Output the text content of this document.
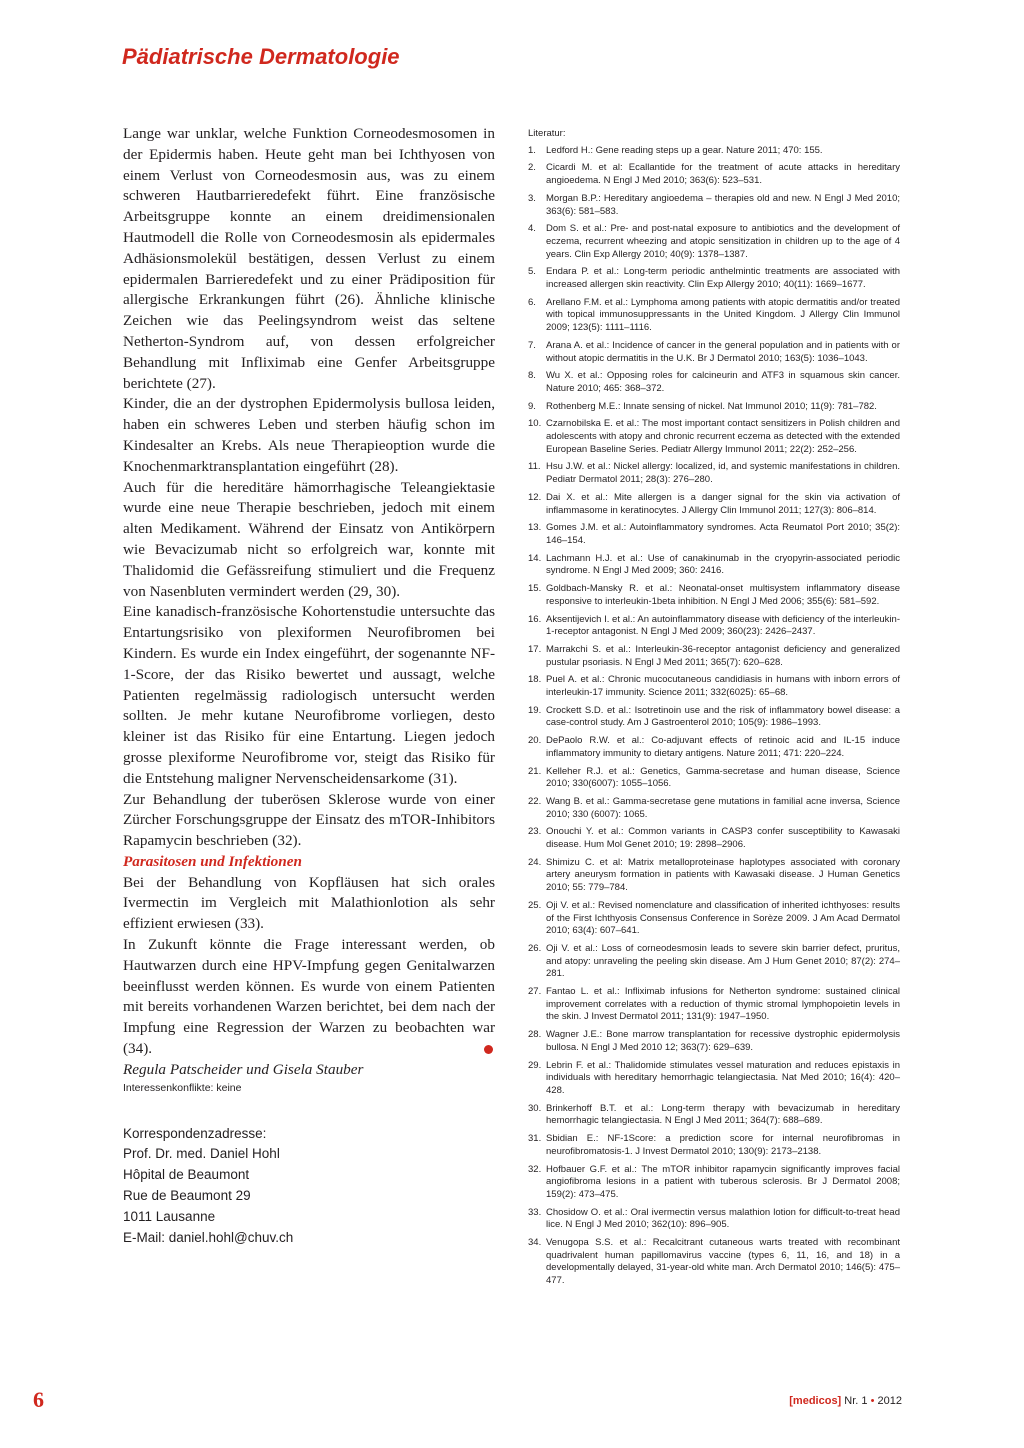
Pädiatrische Dermatologie

Lange war unklar, welche Funktion Corneodesmosomen in der Epidermis haben. Heute geht man bei Ichthyosen von einem Verlust von Corneodesmosin aus, was zu einem schweren Hautbarrieredefekt führt. Eine französische Arbeitsgruppe konnte an einem dreidimensionalen Hautmodell die Rolle von Corneodesmosin als epidermales Adhäsionsmolekül bestätigen, dessen Verlust zu einem epidermalen Barrieredefekt und zu einer Prädiposition für allergische Erkrankungen führt (26). Ähnliche klinische Zeichen wie das Peelingsyndrom weist das seltene Netherton-Syndrom auf, von dessen erfolgreicher Behandlung mit Infliximab eine Genfer Arbeitsgruppe berichtete (27).

Kinder, die an der dystrophen Epidermolysis bullosa leiden, haben ein schweres Leben und sterben häufig schon im Kindesalter an Krebs. Als neue Therapieoption wurde die Knochenmarktransplantation eingeführt (28).

Auch für die hereditäre hämorrhagische Teleangiektasie wurde eine neue Therapie beschrieben, jedoch mit einem alten Medikament. Während der Einsatz von Antikörpern wie Bevacizumab nicht so erfolgreich war, konnte mit Thalidomid die Gefässreifung stimuliert und die Frequenz von Nasenbluten vermindert werden (29, 30).

Eine kanadisch-französische Kohortenstudie untersuchte das Entartungsrisiko von plexiformen Neurofibromen bei Kindern. Es wurde ein Index eingeführt, der sogenannte NF-1-Score, der das Risiko bewertet und aussagt, welche Patienten regelmässig radiologisch untersucht werden sollten. Je mehr kutane Neurofibrome vorliegen, desto kleiner ist das Risiko für eine Entartung. Liegen jedoch grosse plexiforme Neurofibrome vor, steigt das Risiko für die Entstehung maligner Nervenscheidensarkome (31).

Zur Behandlung der tuberösen Sklerose wurde von einer Zürcher Forschungsgruppe der Einsatz des mTOR-Inhibitors Rapamycin beschrieben (32).

Parasitosen und Infektionen

Bei der Behandlung von Kopfläusen hat sich orales Ivermectin im Vergleich mit Malathionlotion als sehr effizient erwiesen (33).

In Zukunft könnte die Frage interessant werden, ob Hautwarzen durch eine HPV-Impfung gegen Genitalwarzen beeinflusst werden können. Es wurde von einem Patienten mit bereits vorhandenen Warzen berichtet, bei dem nach der Impfung eine Regression der Warzen zu beobachten war (34).

Regula Patscheider und Gisela Stauber

Interessenkonflikte: keine

Korrespondenzadresse:
Prof. Dr. med. Daniel Hohl
Hôpital de Beaumont
Rue de Beaumont 29
1011 Lausanne
E-Mail: daniel.hohl@chuv.ch
Literatur:
1.	Ledford H.: Gene reading steps up a gear. Nature 2011; 470: 155.
2.	Cicardi M. et al: Ecallantide for the treatment of acute attacks in hereditary angioedema. N Engl J Med 2010; 363(6): 523–531.
3.	Morgan B.P.: Hereditary angioedema – therapies old and new. N Engl J Med 2010; 363(6): 581–583.
4.	Dom S. et al.: Pre- and post-natal exposure to antibiotics and the development of eczema, recurrent wheezing and atopic sensitization in children up to the age of 4 years. Clin Exp Allergy 2010; 40(9): 1378–1387.
5.	Endara P. et al.: Long-term periodic anthelmintic treatments are associated with increased allergen skin reactivity. Clin Exp Allergy 2010; 40(11): 1669–1677.
6.	Arellano F.M. et al.: Lymphoma among patients with atopic dermatitis and/or treated with topical immunosuppressants in the United Kingdom. J Allergy Clin Immunol 2009; 123(5): 1111–1116.
7.	Arana A. et al.: Incidence of cancer in the general population and in patients with or without atopic dermatitis in the U.K. Br J Dermatol 2010; 163(5): 1036–1043.
8.	Wu X. et al.: Opposing roles for calcineurin and ATF3 in squamous skin cancer. Nature 2010; 465: 368–372.
9.	Rothenberg M.E.: Innate sensing of nickel. Nat Immunol 2010; 11(9): 781–782.
10. Czarnobilska E. et al.: The most important contact sensitizers in Polish children and adolescents with atopy and chronic recurrent eczema as detected with the extended European Baseline Series. Pediatr Allergy Immunol 2011; 22(2): 252–256.
11. Hsu J.W. et al.: Nickel allergy: localized, id, and systemic manifestations in children. Pediatr Dermatol 2011; 28(3): 276–280.
12. Dai X. et al.: Mite allergen is a danger signal for the skin via activation of inflammasome in keratinocytes. J Allergy Clin Immunol 2011; 127(3): 806–814.
13. Gomes J.M. et al.: Autoinflammatory syndromes. Acta Reumatol Port 2010; 35(2): 146–154.
14. Lachmann H.J. et al.: Use of canakinumab in the cryopyrin-associated periodic syndrome. N Engl J Med 2009; 360: 2416.
15. Goldbach-Mansky R. et al.: Neonatal-onset multisystem inflammatory disease responsive to interleukin-1beta inhibition. N Engl J Med 2006; 355(6): 581–592.
16. Aksentijevich I. et al.: An autoinflammatory disease with deficiency of the interleukin-1-receptor antagonist. N Engl J Med 2009; 360(23): 2426–2437.
17. Marrakchi S. et al.: Interleukin-36-receptor antagonist deficiency and generalized pustular psoriasis. N Engl J Med 2011; 365(7): 620–628.
18. Puel A. et al.: Chronic mucocutaneous candidiasis in humans with inborn errors of interleukin-17 immunity. Science 2011; 332(6025): 65–68.
19. Crockett S.D. et al.: Isotretinoin use and the risk of inflammatory bowel disease: a case-control study. Am J Gastroenterol 2010; 105(9): 1986–1993.
20. DePaolo R.W. et al.: Co-adjuvant effects of retinoic acid and IL-15 induce inflammatory immunity to dietary antigens. Nature 2011; 471: 220–224.
21. Kelleher R.J. et al.: Genetics, Gamma-secretase and human disease, Science 2010; 330(6007): 1055–1056.
22. Wang B. et al.: Gamma-secretase gene mutations in familial acne inversa, Science 2010; 330 (6007): 1065.
23. Onouchi Y. et al.: Common variants in CASP3 confer susceptibility to Kawasaki disease. Hum Mol Genet 2010; 19: 2898–2906.
24. Shimizu C. et al: Matrix metalloproteinase haplotypes associated with coronary artery aneurysm formation in patients with Kawasaki disease. J Human Genetics 2010; 55: 779–784.
25. Oji V. et al.: Revised nomenclature and classification of inherited ichthyoses: results of the First Ichthyosis Consensus Conference in Sorèze 2009. J Am Acad Dermatol 2010; 63(4): 607–641.
26. Oji V. et al.: Loss of corneodesmosin leads to severe skin barrier defect, pruritus, and atopy: unraveling the peeling skin disease. Am J Hum Genet 2010; 87(2): 274–281.
27. Fantao L. et al.: Infliximab infusions for Netherton syndrome: sustained clinical improvement correlates with a reduction of thymic stromal lymphopoietin levels in the skin. J Invest Dermatol 2011; 131(9): 1947–1950.
28. Wagner J.E.: Bone marrow transplantation for recessive dystrophic epidermolysis bullosa. N Engl J Med 2010 12; 363(7): 629–639.
29. Lebrin F. et al.: Thalidomide stimulates vessel maturation and reduces epistaxis in individuals with hereditary hemorrhagic telangiectasia. Nat Med 2010; 16(4): 420–428.
30. Brinkerhoff B.T. et al.: Long-term therapy with bevacizumab in hereditary hemorrhagic telangiectasia. N Engl J Med 2011; 364(7): 688–689.
31. Sbidian E.: NF-1Score: a prediction score for internal neurofibromas in neurofibromatosis-1. J Invest Dermatol 2010; 130(9): 2173–2138.
32. Hofbauer G.F. et al.: The mTOR inhibitor rapamycin significantly improves facial angiofibroma lesions in a patient with tuberous sclerosis. Br J Dermatol 2008; 159(2): 473–475.
33. Chosidow O. et al.: Oral ivermectin versus malathion lotion for difficult-to-treat head lice. N Engl J Med 2010; 362(10): 896–905.
34. Venugopa S.S. et al.: Recalcitrant cutaneous warts treated with recombinant quadrivalent human papillomavirus vaccine (types 6, 11, 16, and 18) in a developmentally delayed, 31-year-old white man. Arch Dermatol 2010; 146(5): 475–477.
6	[medicos] Nr. 1 • 2012
